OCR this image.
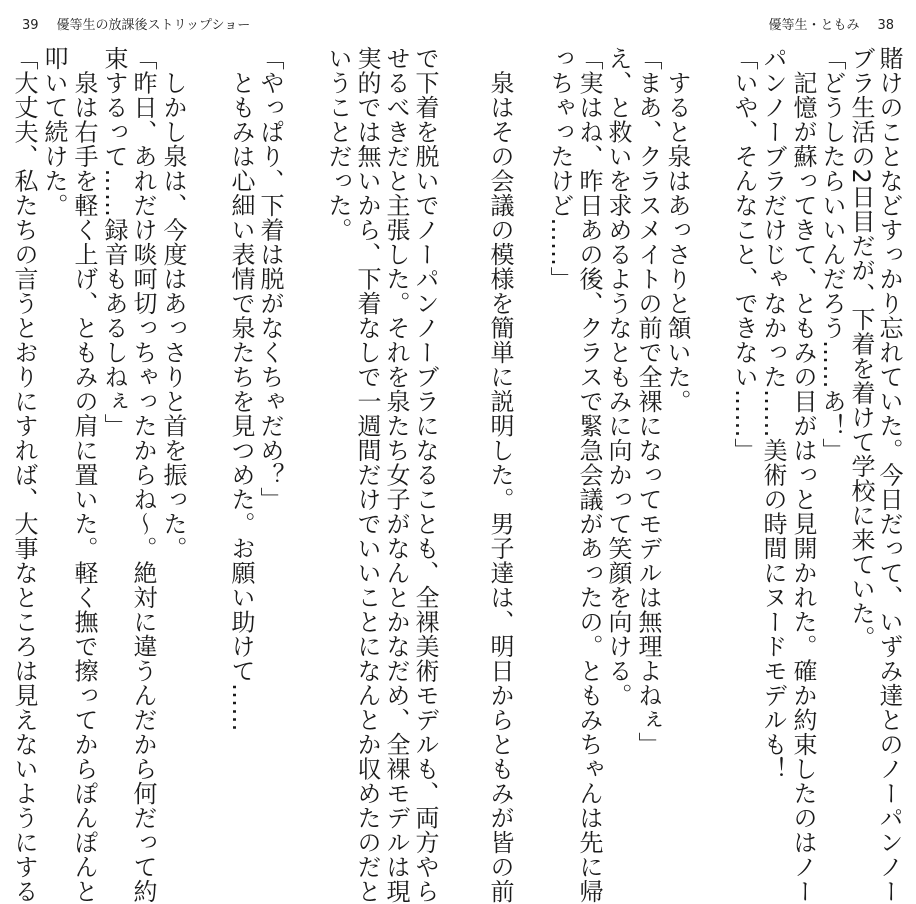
39 優等生の放課後ストリップショー	優等生・ともみ 38
賭けのことなどすっかり忘れていた。今日だって、いずみ達とのノーパンノー
ブラ生活の2日目だが、下着を着けて学校に来ていた。
「どうしたらいいんだろう……あ！」
　記憶が蘇ってきて、ともみの目がはっと見開かれた。確か約束したのはノー
パンノーブラだけじゃなかった……美術の時間にヌードモデルも！
「いや、そんなこと、できない……」
　すると泉はあっさりと頷いた。
「まあ、クラスメイトの前で全裸になってモデルは無理よねぇ」
え、と救いを求めるようなともみに向かって笑顔を向ける。
「実はね、昨日あの後、クラスで緊急会議があったの。ともみちゃんは先に帰
っちゃったけど……」
　泉はその会議の模様を簡単に説明した。男子達は、明日からともみが皆の前
で下着を脱いでノーパンノーブラになることも、全裸美術モデルも、両方やら
せるべきだと主張した。それを泉たち女子がなんとかなだめ、全裸モデルは現
実的では無いから、下着なしで一週間だけでいいことになんとか収めたのだと
いうことだった。
「やっぱり、下着は脱がなくちゃだめ？」
　ともみは心細い表情で泉たちを見つめた。お願い助けて……
　しかし泉は、今度はあっさりと首を振った。
「昨日、あれだけ啖呵切っちゃったからね〜。絶対に違うんだから何だって約
束するって……録音もあるしねぇ」
　泉は右手を軽く上げ、ともみの肩に置いた。軽く撫で擦ってからぽんぽんと
叩いて続けた。
「大丈夫、私たちの言うとおりにすれば、大事なところは見えないようにする
